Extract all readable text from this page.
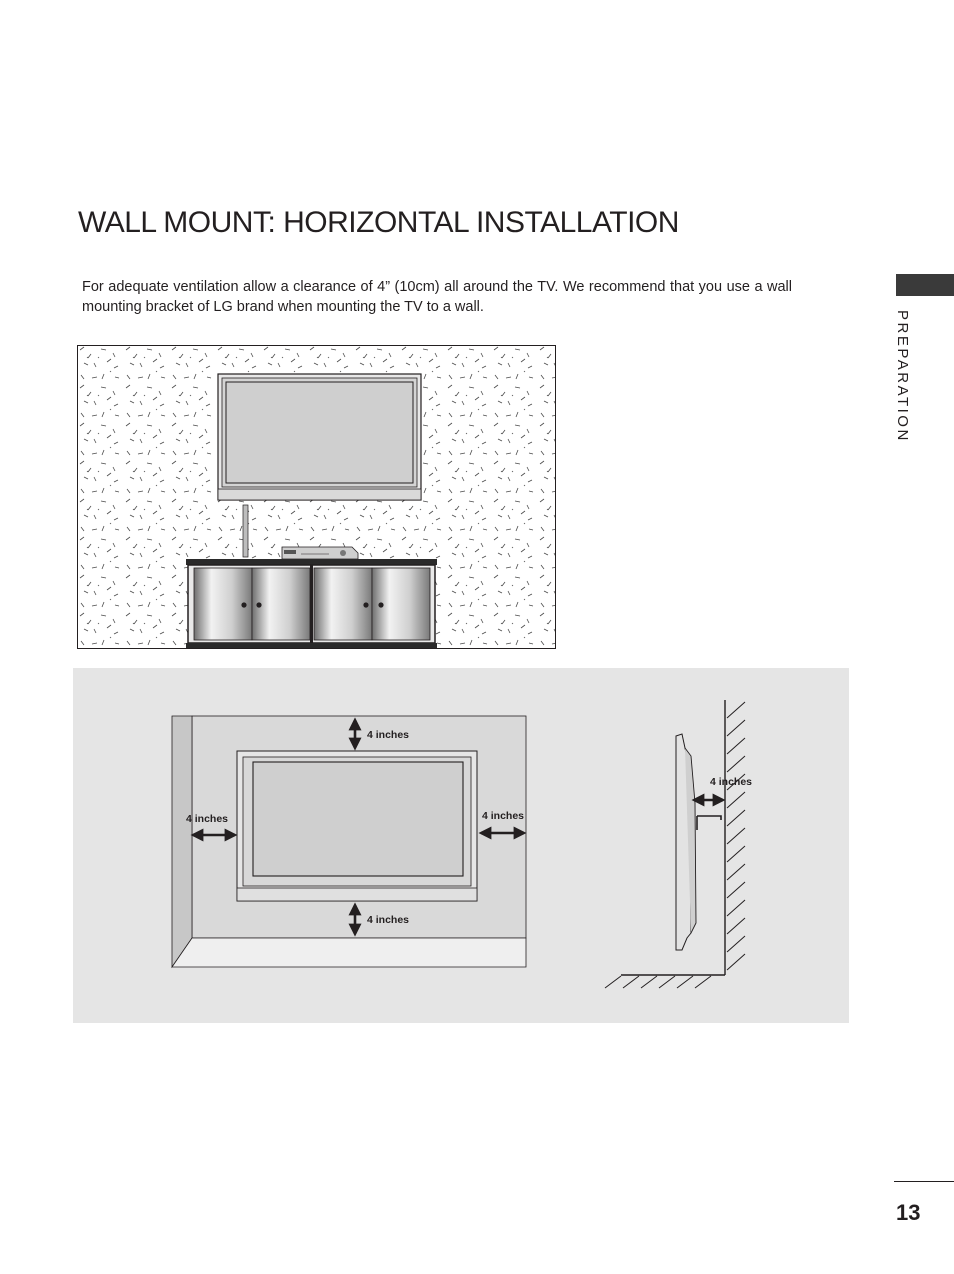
WALL MOUNT: HORIZONTAL INSTALLATION

For adequate ventilation allow a clearance of 4” (10cm) all around the TV. We recommend that you use a wall mounting bracket of LG brand when mounting the TV to a wall.

PREPARATION

4 inches
4 inches
4 inches	4 inches
4 inches

13
